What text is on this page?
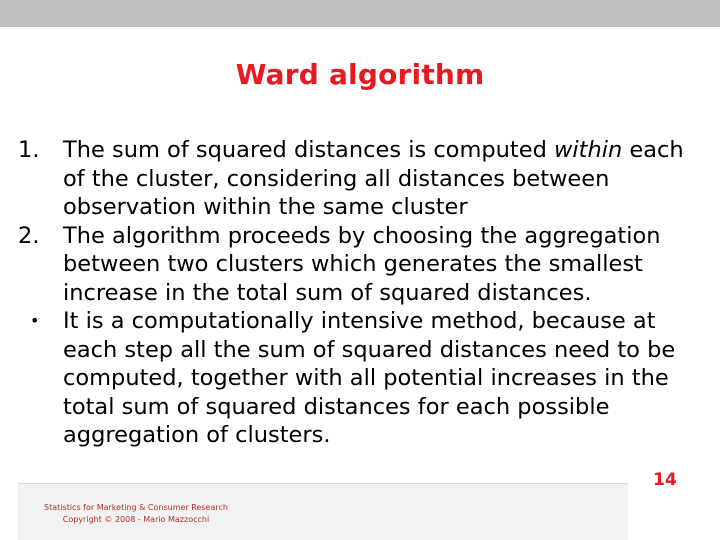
Ward algorithm
1. The sum of squared distances is computed within each of the cluster, considering all distances between observation within the same cluster
2. The algorithm proceeds by choosing the aggregation between two clusters which generates the smallest increase in the total sum of squared distances.
• It is a computationally intensive method, because at each step all the sum of squared distances need to be computed, together with all potential increases in the total sum of squared distances for each possible aggregation of clusters.
Statistics for Marketing & Consumer Research
Copyright © 2008 - Mario Mazzocchi
14
